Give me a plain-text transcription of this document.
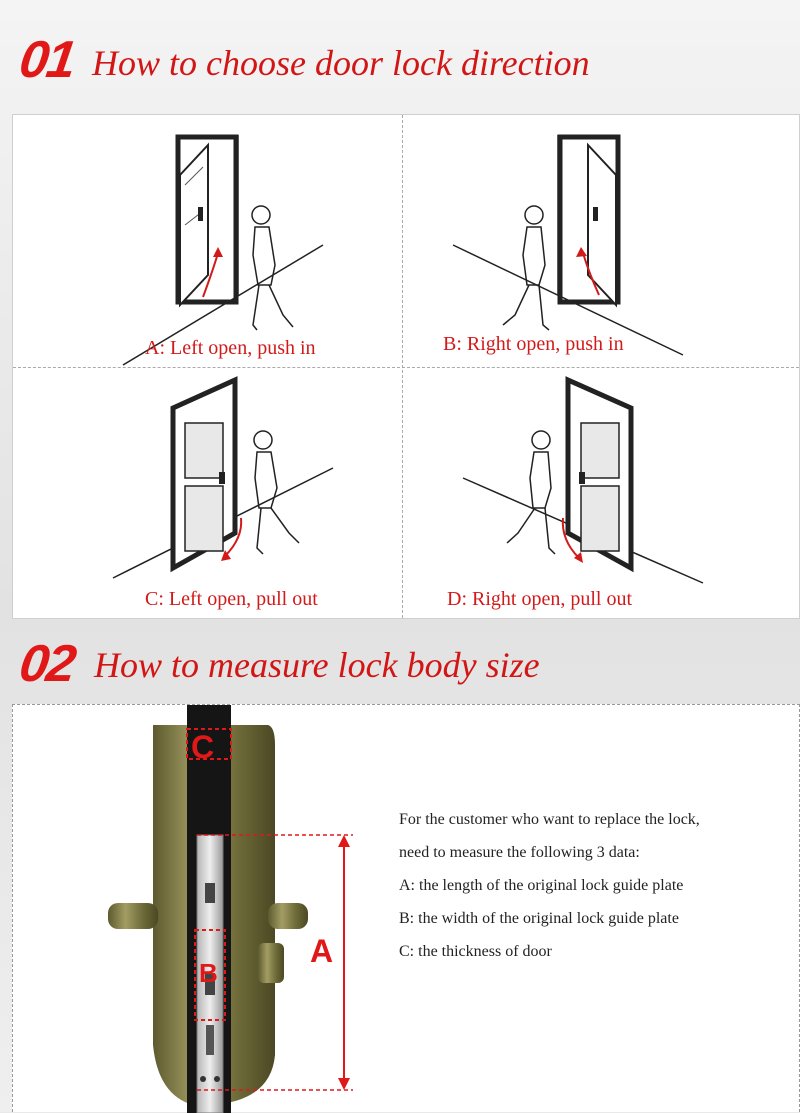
01 How to choose door lock direction
A: Left open, push in	B: Right open, push in
C: Left open, pull out	D: Right open, pull out
02 How to measure lock body size
C
B
A
For the customer who want to replace the lock,
need to measure the following 3 data:
A: the length of the original lock guide plate
B: the width of the original lock guide plate
C: the thickness of door
